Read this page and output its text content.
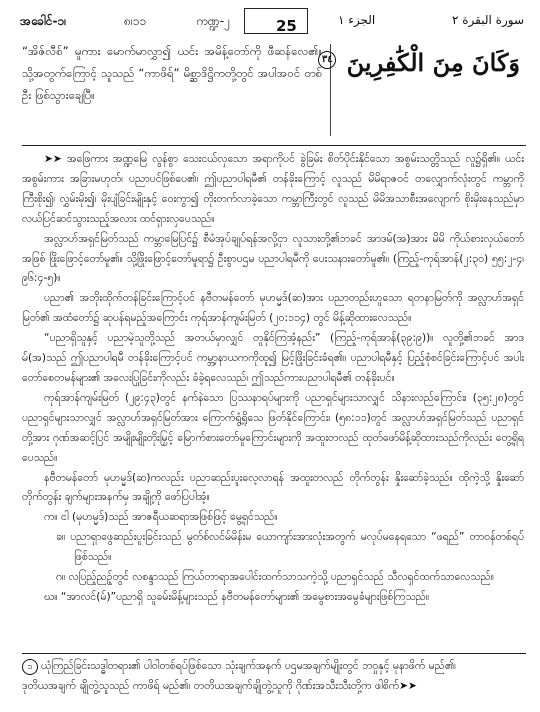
အခေါင်-၁၊	၈၊၁၁	ကဏ္ဍ-၂	25	الجزء ١	سورة البقرة ٢

“အိဇ်လီစ်” မူကား မောက်မာလွှာ၍ ယင်း အမိန့်တော်ကို ဖီဆန်လေ၏။ သို့အတွက်ကြောင့် သူသည် “ကာဖိရ်” မိစ္ဆာဒိဋ္ဌိကတို့တွင် အပါအဝင် တစ်ဦး ဖြစ်သွားချေပြီ။

وَكَانَ مِنَ الْكَٰفِرِينَ ٣٤

➤➤ အဖြေကား အဏ္ဍမြေ လွန်စွာ သေးငယ်လှသော အရာကိုပင် ခွဲခြမ်း စိတ်ပိုင်းနိုင်သော အစွမ်းသတ္တိသည် လူ၌ရှိ၏။ ယင်းအစွမ်းကား အခြားမဟုတ်၊ ပညာပင်ဖြစ်ပေ၏၊ ဤပညာပါရမီ၏ တန်ခိုးကြောင့် လူသည် မိမိရာဇဝင် တလျှောက်လုံးတွင် ကမ္ဘာကို ကြီးစိုး၍၊ လွှမ်းမိုး၍၊ မိုးပျံခြင်းမျိုးနှင့် ဝေးကွာ၍ တိုးတက်လာခဲ့သော ကမ္ဘာကြီးတွင် လူသည် မိမိအသာစီးအလျောက် စိုးမိုးနေသည်မှာ လယ်ပြင်ဆင်သွားသည့်အလား ထင်ရှားလှပေသည်။

အလ္လာဟ်အရှင်မြတ်သည် ကမ္ဘာမြေပြင်၌ စီမံအုပ်ချုပ်ရန်အလို့ငှာ လူသားတို့၏ဘခင် အာဒမ်(အ)အား မိမိ ကိုယ်စားလှယ်တော်အဖြစ် ဖြိုးဖြောင့်တော်မူ၏။ သို့ဖြိုးဖြောင့်တော်မူရာ၌ ဦးစွာပဌမ ပညာပါရမီကို ပေးသနားတော်မူ၏။ (ကြည့်-ကုရ်အာန်(၂:၃၀) ၅၅:၂-၄၊ ၉၆:၄-၅)။

ပညာ၏ အဘိုးထိုက်တန်ခြင်းကြောင့်ပင် နဗီတမန်တော် မုဟမ္မဒ်(ဆ)အား ပညာတည်းဟူသော ရတနာမြတ်ကို အလ္လာဟ်အရှင်မြတ်၏ အထံတော်၌ ဆုပန်ရမည့်အကြောင်း ကုရ်အာန်ကျမ်းမြတ် (၂၀:၁၁၄) တွင် မိန့်ဆိုထားလေသည်။

“ပညာရှိသူနှင့် ပညာမဲ့သူတို့သည် အတယ်မှာလျှင် တူနိုင်ကြအံ့နည်း” (ကြည့်-ကုရ်အာန်(၃၉:၉))။ လူတို့၏ဘခင် အာဒမ်(အ)သည် ဤပညာပါရမီ တန်ခိုးကြောင့်ပင် ကမ္ဘာ့နာယကကိုထူ၍ မြင့်ဖြိုးခြင်းခံရ၏။ ပညာပါရမီနှင့် ပြည့်စုံစင်ခြင်းကြောင့်ပင် အပါးတော်စေတမန်များ၏ အလေးပြုခြင်းကိုလည်း ခံခဲ့ရလေသည်၊ ဤသည်ကားပညာပါရမီ၏ တန်ခိုးပင်။

ကုရ်အာန်ကျမ်းမြတ် (၂၉:၄၃)တွင် နက်နဲသော ပြဿနာရပ်များကို ပညာရှင်များသာလျှင် သိနားလည်ကြောင်း၊ (၃၅:၂၈)တွင် ပညာရှင်များသာလျှင် အလ္လာဟ်အရှင်မြတ်အား ကြောက်ရွံ့ရိုသေ ဖြတ်နိုင်ကြောင်း၊ (၅၈:၁၁)တွင် အလ္လာဟ်အရှင်မြတ်သည် ပညာရှင်တို့အား ဂုဏ်အဆင့်ပြင် အမျိုးမျိုးတိုးမြှင့် မြောက်စားတော်မူကြောင်းများကို အထူးတလည် ထုတ်ဖော်မိန့်ဆိုထားသည်ကိုလည်း တွေ့ရှိရပေသည်။

နဗီတမန်တော် မုဟမ္မဒ်(ဆ)ကလည်း ပညာဆည်းပူးလေ့လာရန် အထူးတလည် တိုက်တွန်း နှိုးဆော်ခဲ့သည်။ ထိုကဲ့သို့ နှိုးဆော်တိုက်တွန်း ချက်များအနက်မှ အချို့ကို ဖော်ပြပါအံ့။

က။ ငါ (မုဟမ္မဒ်)သည် အာဇရီယဆရာအဖြစ်ဖြင့် မွေ့ရှင်သည်။

ခ။ ပညာရှာဖွေဆည်းပူးခြင်းသည် မွတ်စ်လင်မ်မိန်းမ ယောကျာ်းအားလုံးအတွက် မလုပ်မနေရသော “ဖရည်” တာဝန်တစ်ရပ်ဖြစ်သည်။

ဂ။ လပြည့်ညဥ့်တွင် လစန္ဒာသည် ကြယ်တာရာအပေါင်းထက်သာသကဲ့သို့ ပညာရှင်သည် သီလရှင်ထက်သာလေသည်။

ဃ။ “အာလင်(မ်)”ပညာရှိ သူခမ်းမိန့်များသည် နဗီတမန်တော်များ၏ အမွေစားအမွေခံများဖြစ်ကြသည်။

၁ ယုံကြည်ခြင်းသဒ္ဓါတရား၏ ပါဝါတစ်ရပ်ဖြစ်သော သုံးချက်အနက် ပဌမအချက်မျိုးတွင် ဘဝှုနှင့် မုနာဖိက် မည်၏၊

ဒုတိယအချက် ချိုတွဲ့သူသည် ကာဖိရ် မည်၏၊ တတိယအချက်ချိုတွဲ့သူကို ဂိုဏ်းအသီးသီးတို့က ဖါစိက်➤➤
